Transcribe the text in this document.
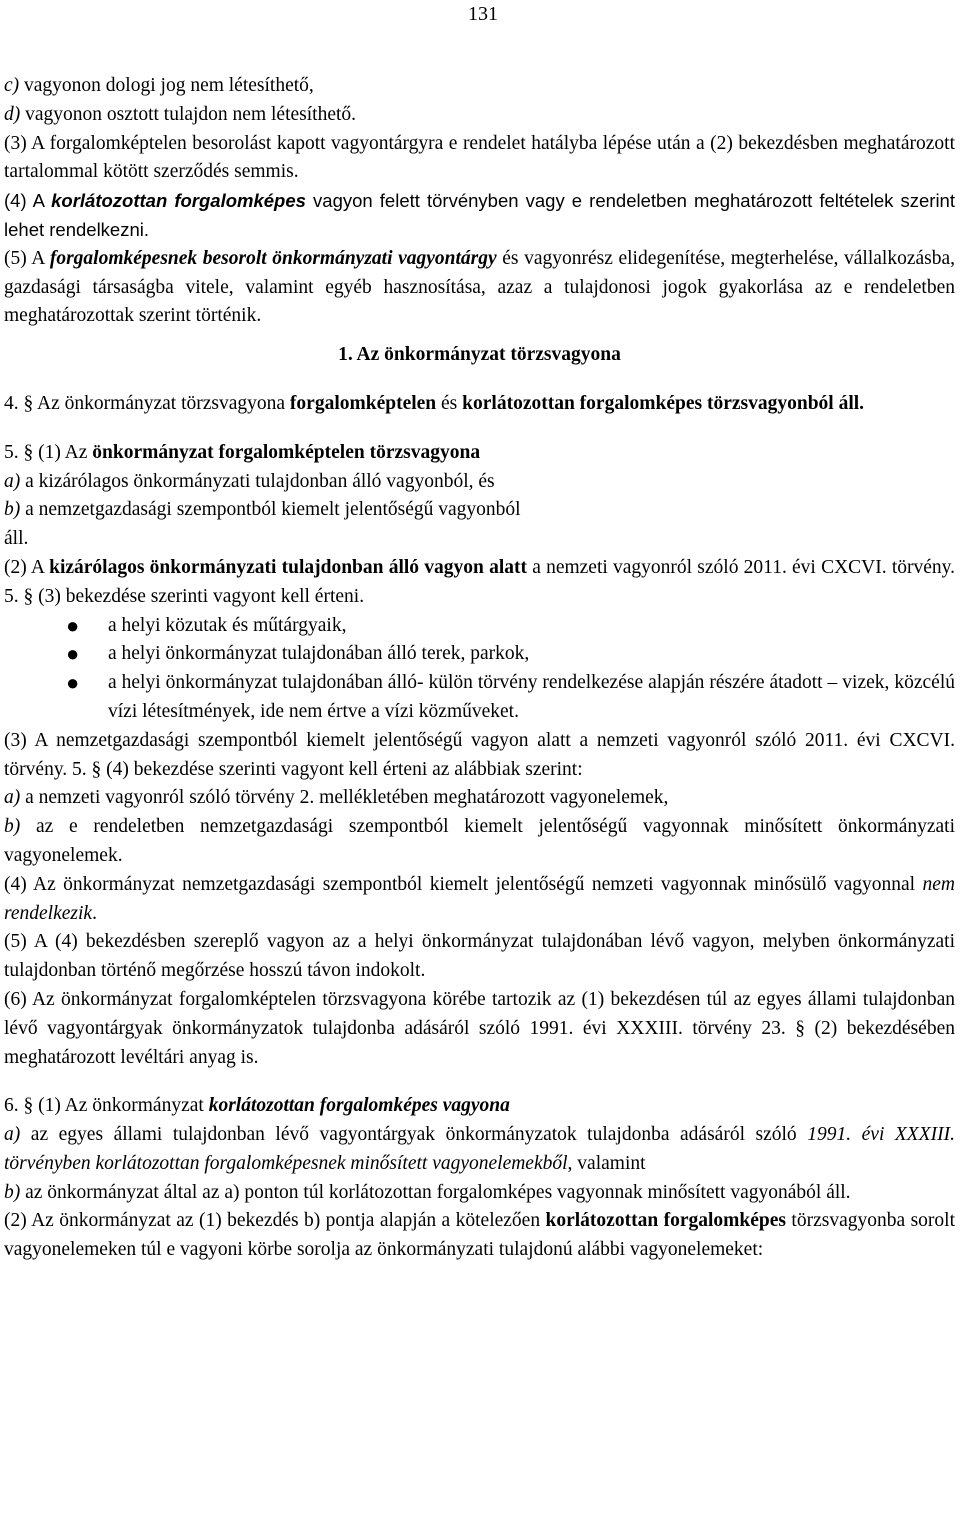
131

c) vagyonon dologi jog nem létesíthető,

d) vagyonon osztott tulajdon nem létesíthető.

(3) A forgalomképtelen besorolást kapott vagyontárgyra e rendelet hatályba lépése után a (2) bekezdésben meghatározott tartalommal kötött szerződés semmis.

(4) A korlátozottan forgalomképes vagyon felett törvényben vagy e rendeletben meghatározott feltételek szerint lehet rendelkezni.

(5) A forgalomképesnek besorolt önkormányzati vagyontárgy és vagyonrész elidegenítése, megterhelése, vállalkozásba, gazdasági társaságba vitele, valamint egyéb hasznosítása, azaz a tulajdonosi jogok gyakorlása az e rendeletben meghatározottak szerint történik.

1. Az önkormányzat törzsvagyona

4. § Az önkormányzat törzsvagyona forgalomképtelen és korlátozottan forgalomképes törzsvagyonból áll.

5. § (1) Az önkormányzat forgalomképtelen törzsvagyona

a) a kizárólagos önkormányzati tulajdonban álló vagyonból, és

b) a nemzetgazdasági szempontból kiemelt jelentőségű vagyonból

áll.

(2) A kizárólagos önkormányzati tulajdonban álló vagyon alatt a nemzeti vagyonról szóló 2011. évi CXCVI. törvény. 5. § (3) bekezdése szerinti vagyont kell érteni.

● a helyi közutak és műtárgyaik,
● a helyi önkormányzat tulajdonában álló terek, parkok,
● a helyi önkormányzat tulajdonában álló- külön törvény rendelkezése alapján részére átadott – vizek, közcélú vízi létesítmények, ide nem értve a vízi közműveket.

(3) A nemzetgazdasági szempontból kiemelt jelentőségű vagyon alatt a nemzeti vagyonról szóló 2011. évi CXCVI. törvény. 5. § (4) bekezdése szerinti vagyont kell érteni az alábbiak szerint:

a) a nemzeti vagyonról szóló törvény 2. mellékletében meghatározott vagyonelemek,

b) az e rendeletben nemzetgazdasági szempontból kiemelt jelentőségű vagyonnak minősített önkormányzati vagyonelemek.

(4) Az önkormányzat nemzetgazdasági szempontból kiemelt jelentőségű nemzeti vagyonnak minősülő vagyonnal nem rendelkezik.

(5) A (4) bekezdésben szereplő vagyon az a helyi önkormányzat tulajdonában lévő vagyon, melyben önkormányzati tulajdonban történő megőrzése hosszú távon indokolt.

(6) Az önkormányzat forgalomképtelen törzsvagyona körébe tartozik az (1) bekezdésen túl az egyes állami tulajdonban lévő vagyontárgyak önkormányzatok tulajdonba adásáról szóló 1991. évi XXXIII. törvény 23. § (2) bekezdésében meghatározott levéltári anyag is.

6. § (1) Az önkormányzat korlátozottan forgalomképes vagyona

a) az egyes állami tulajdonban lévő vagyontárgyak önkormányzatok tulajdonba adásáról szóló 1991. évi XXXIII. törvényben korlátozottan forgalomképesnek minősített vagyonelemekből, valamint

b) az önkormányzat által az a) ponton túl korlátozottan forgalomképes vagyonnak minősített vagyonából áll.

(2) Az önkormányzat az (1) bekezdés b) pontja alapján a kötelezően korlátozottan forgalomképes törzsvagyonba sorolt vagyonelemeken túl e vagyoni körbe sorolja az önkormányzati tulajdonú alábbi vagyonelemeket:
